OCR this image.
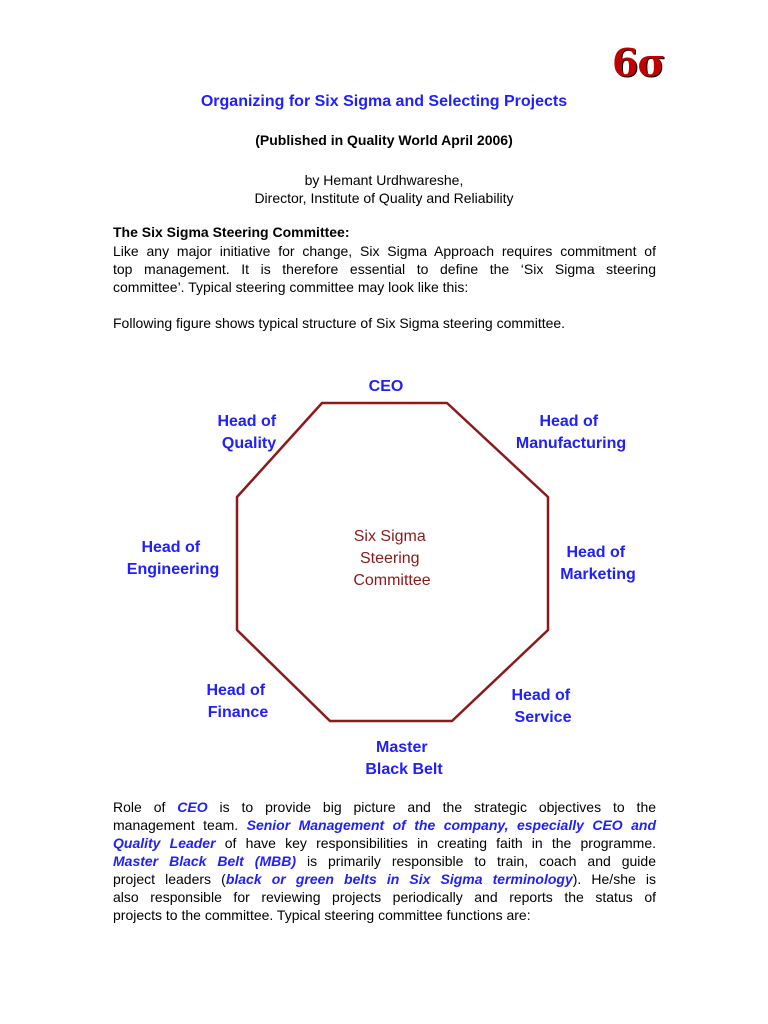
6σ
Organizing for Six Sigma and Selecting Projects
(Published in Quality World April 2006)
by Hemant Urdhwareshe,
Director, Institute of Quality and Reliability
The Six Sigma Steering Committee:
Like any major initiative for change, Six Sigma Approach requires commitment of
top management. It is therefore essential to define the ‘Six Sigma steering
committee’. Typical steering committee may look like this:
Following figure shows typical structure of Six Sigma steering committee.
Six Sigma Steering Committee
CEO
Head of Quality
Head of Manufacturing
Head of Engineering
Head of Marketing
Head of Finance
Head of Service
Master Black Belt
Role of CEO is to provide big picture and the strategic objectives to the
management team. Senior Management of the company, especially CEO and
Quality Leader of have key responsibilities in creating faith in the programme.
Master Black Belt (MBB) is primarily responsible to train, coach and guide
project leaders (black or green belts in Six Sigma terminology). He/she is
also responsible for reviewing projects periodically and reports the status of
projects to the committee. Typical steering committee functions are:
